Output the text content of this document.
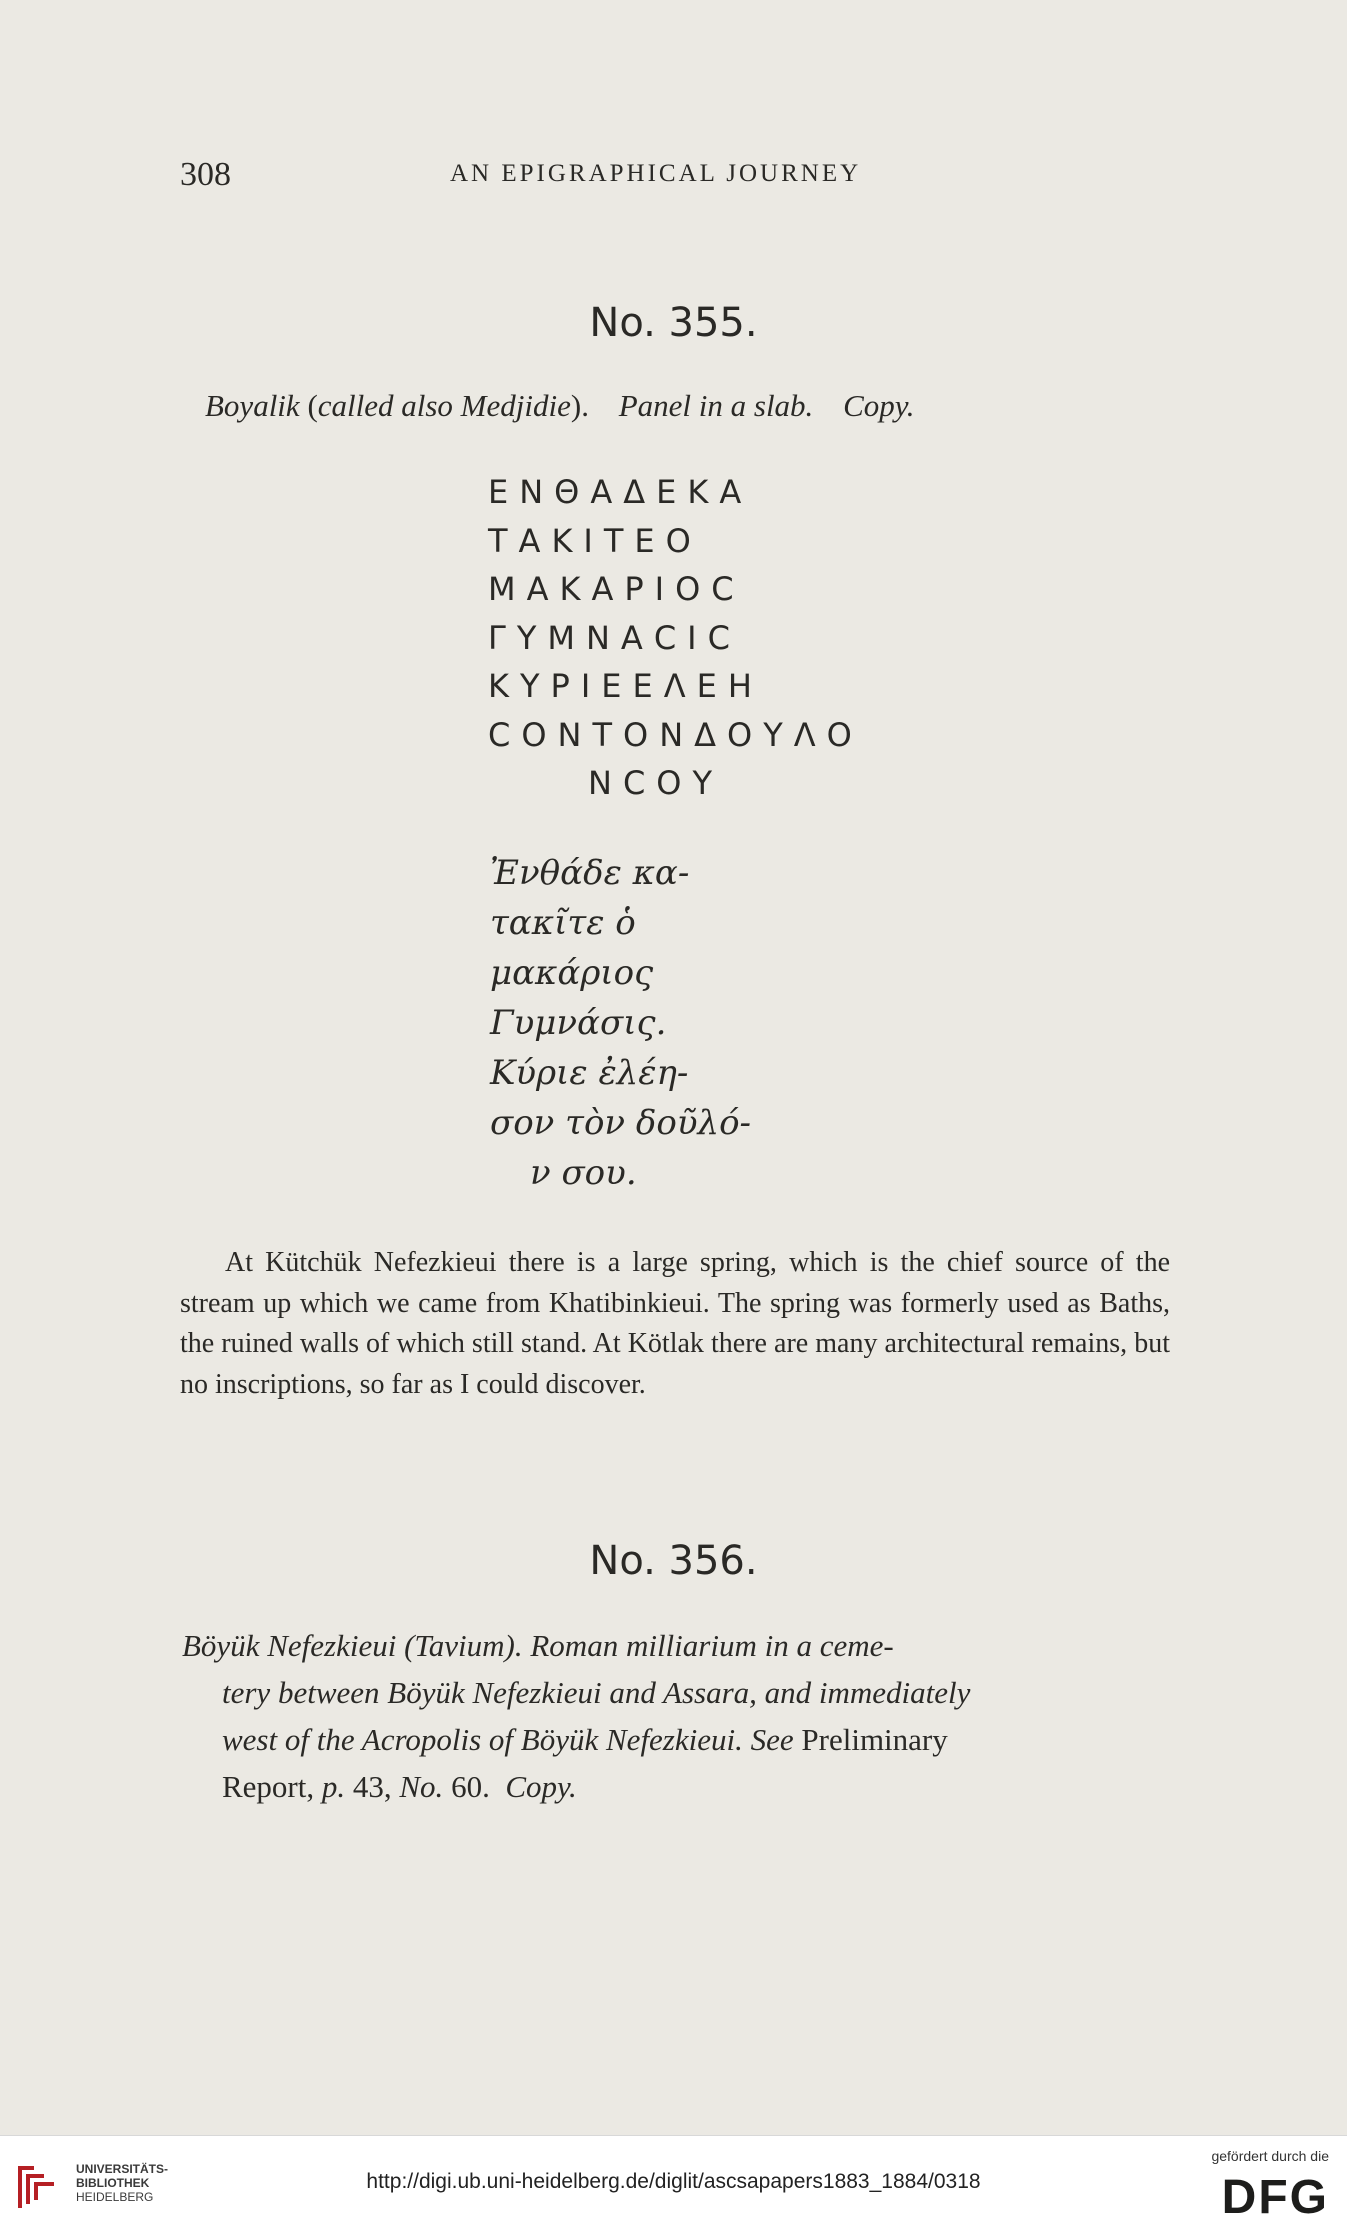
308	AN EPIGRAPHICAL JOURNEY
No. 355.
Boyalik (called also Medjidie). Panel in a slab. Copy.
ΕΝΘΑΔΕΚΑ
ΤΑΚΙΤΕΟ
ΜΑΚΑΡΙΟϹ
ΓΥΜΝΑϹΙϹ
ΚΥΡΙΕΕΛΕΗ
ϹΟΝΤΟΝΔΟΥΛΟ
ΝϹΟΥ
Ἐνθάδε κα-
τακῖτε ὁ
μακάριος
Γυμνάσις.
Κύριε ἐλέη-
σον τὸν δοῦλό-
ν σου.

At Kütchük Nefezkieui there is a large spring, which is the chief source of the stream up which we came from Khatibinkieui. The spring was formerly used as Baths, the ruined walls of which still stand. At Kötlak there are many architectural remains, but no inscriptions, so far as I could discover.

No. 356.
Böyük Nefezkieui (Tavium). Roman milliarium in a ceme-
tery between Böyük Nefezkieui and Assara, and immediately
west of the Acropolis of Böyük Nefezkieui. See Preliminary
Report, p. 43, No. 60.  Copy.
UNIVERSITÄTS-
BIBLIOTHEK
HEIDELBERG
http://digi.ub.uni-heidelberg.de/diglit/ascsapapers1883_1884/0318
gefördert durch die
DFG
